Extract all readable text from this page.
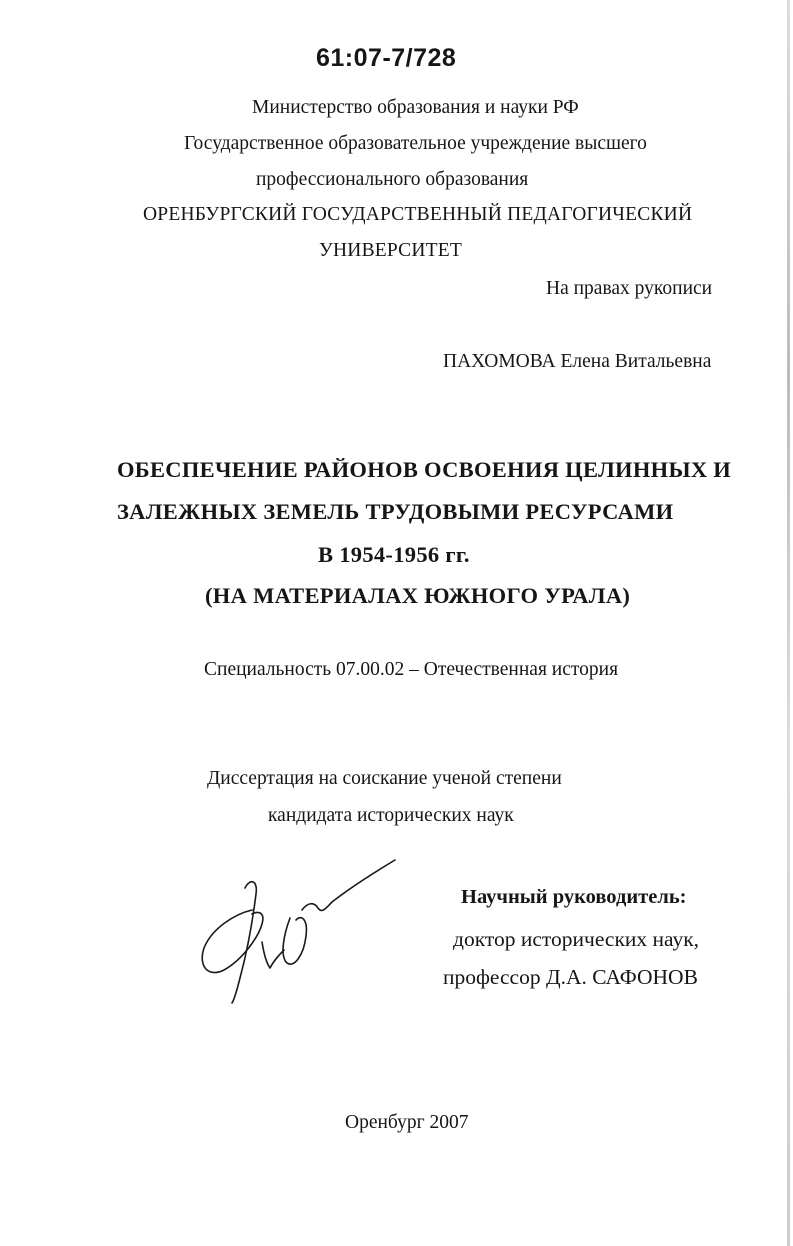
61:07-7/728
Министерство образования и науки РФ
Государственное образовательное учреждение высшего
профессионального образования
ОРЕНБУРГСКИЙ ГОСУДАРСТВЕННЫЙ ПЕДАГОГИЧЕСКИЙ
УНИВЕРСИТЕТ
На правах рукописи
ПАХОМОВА Елена Витальевна
ОБЕСПЕЧЕНИЕ РАЙОНОВ ОСВОЕНИЯ ЦЕЛИННЫХ И
ЗАЛЕЖНЫХ ЗЕМЕЛЬ ТРУДОВЫМИ РЕСУРСАМИ
В 1954-1956 гг.
(НА МАТЕРИАЛАХ ЮЖНОГО УРАЛА)
Специальность 07.00.02 – Отечественная история
Диссертация на соискание ученой степени
кандидата исторических наук
Научный руководитель:
доктор исторических наук,
профессор Д.А. САФОНОВ
Оренбург 2007
